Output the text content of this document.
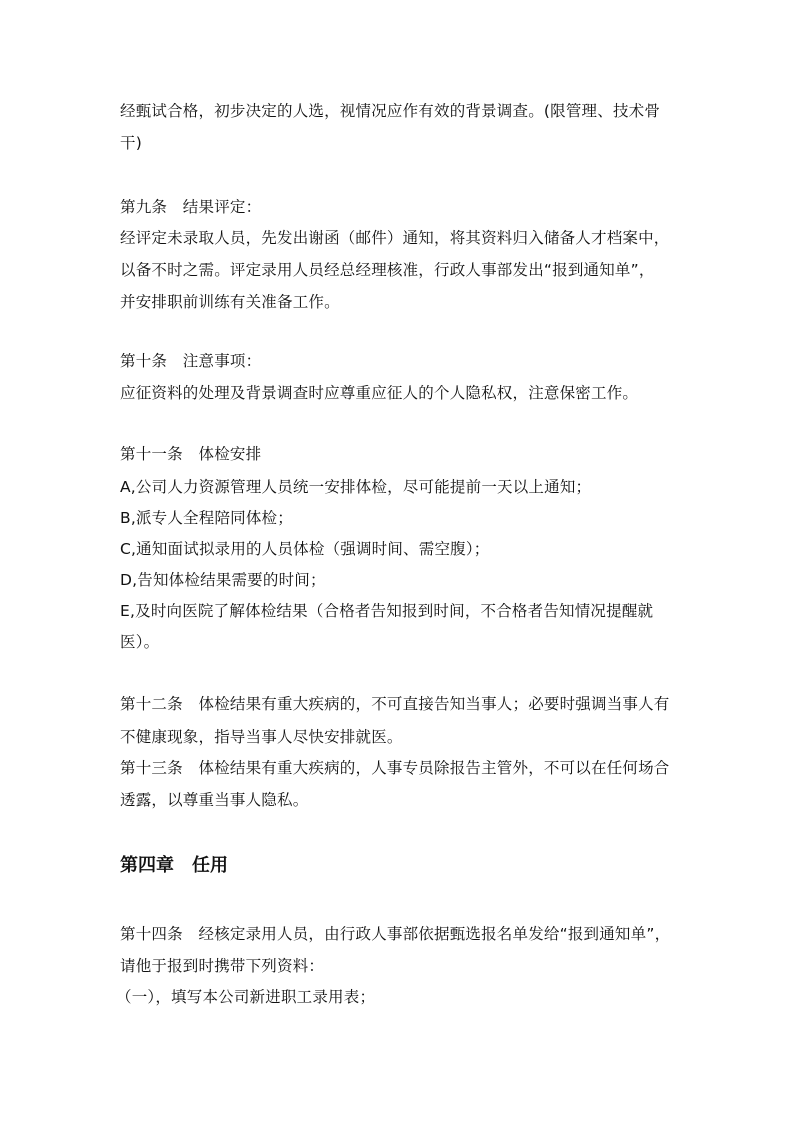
经甄试合格，初步决定的人选，视情况应作有效的背景调查。(限管理、技术骨
干)
第九条　结果评定：
经评定未录取人员，先发出谢函（邮件）通知，将其资料归入储备人才档案中，
以备不时之需。评定录用人员经总经理核准，行政人事部发出“报到通知单”，
并安排职前训练有关准备工作。
第十条　注意事项：
应征资料的处理及背景调查时应尊重应征人的个人隐私权，注意保密工作。
第十一条　体检安排
A,公司人力资源管理人员统一安排体检，尽可能提前一天以上通知；
B,派专人全程陪同体检；
C,通知面试拟录用的人员体检（强调时间、需空腹）；
D,告知体检结果需要的时间；
E,及时向医院了解体检结果（合格者告知报到时间，不合格者告知情况提醒就
医）。
第十二条　体检结果有重大疾病的，不可直接告知当事人；必要时强调当事人有
不健康现象，指导当事人尽快安排就医。
第十三条　体检结果有重大疾病的，人事专员除报告主管外，不可以在任何场合
透露，以尊重当事人隐私。
第四章　任用
第十四条　经核定录用人员，由行政人事部依据甄选报名单发给“报到通知单”，
请他于报到时携带下列资料：
（一），填写本公司新进职工录用表；
